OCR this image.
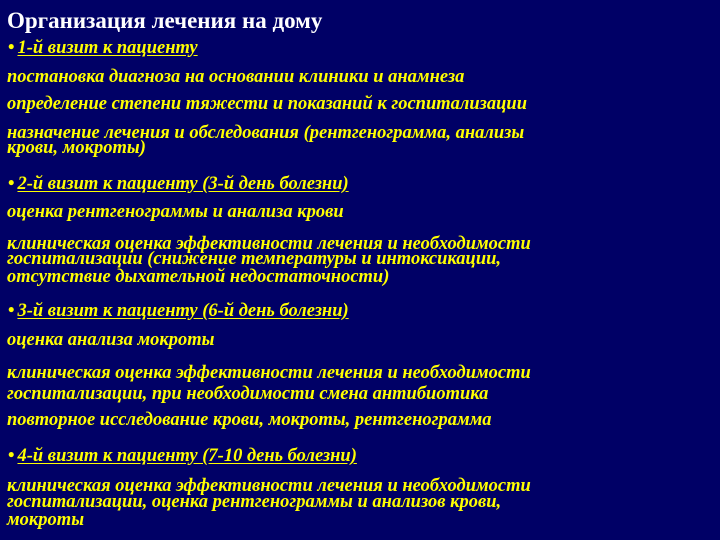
Организация лечения на дому
• 1-й визит к пациенту
постановка диагноза на основании клиники и анамнеза
определение степени тяжести и показаний к госпитализации
назначение лечения и обследования (рентгенограмма, анализы
крови, мокроты)
• 2-й визит к пациенту (3-й день болезни)
оценка рентгенограммы и анализа крови
клиническая оценка эффективности лечения и необходимости
госпитализации (снижение температуры и интоксикации,
отсутствие дыхательной недостаточности)
• 3-й визит к пациенту (6-й день болезни)
оценка анализа мокроты
клиническая оценка эффективности лечения и необходимости
госпитализации, при необходимости смена антибиотика
повторное исследование крови, мокроты, рентгенограмма
• 4-й визит к пациенту (7-10 день болезни)
клиническая оценка эффективности лечения и необходимости
госпитализации, оценка рентгенограммы и анализов крови,
мокроты
